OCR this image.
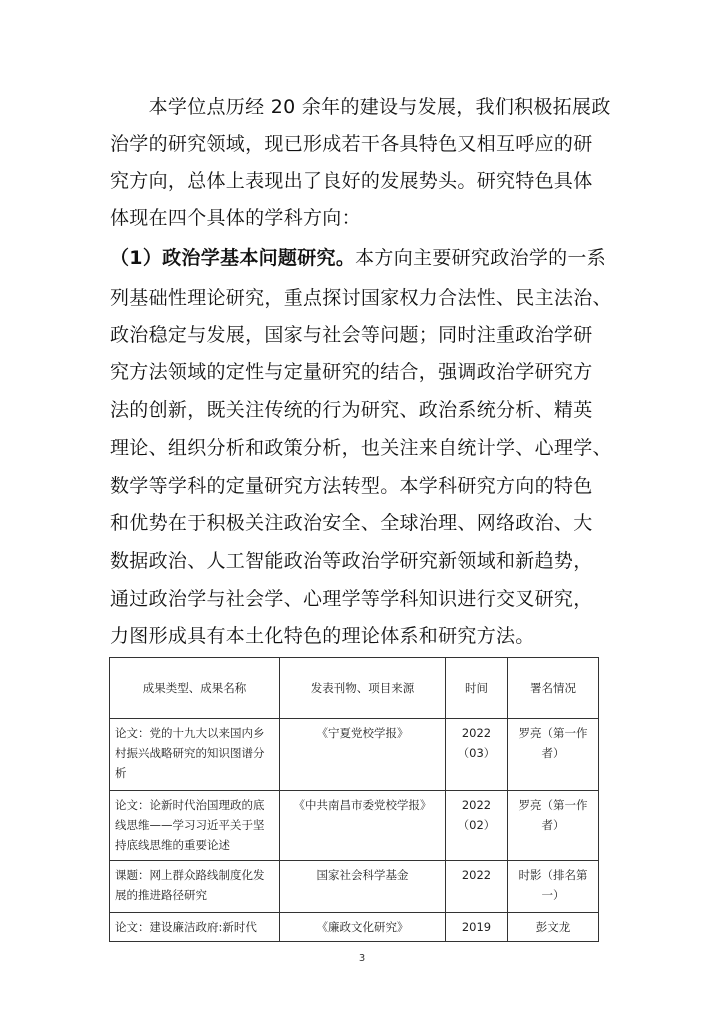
　　本学位点历经 20 余年的建设与发展，我们积极拓展政
治学的研究领域，现已形成若干各具特色又相互呼应的研
究方向，总体上表现出了良好的发展势头。研究特色具体
体现在四个具体的学科方向：
（1）政治学基本问题研究。本方向主要研究政治学的一系
列基础性理论研究，重点探讨国家权力合法性、民主法治、
政治稳定与发展，国家与社会等问题；同时注重政治学研
究方法领域的定性与定量研究的结合，强调政治学研究方
法的创新，既关注传统的行为研究、政治系统分析、精英
理论、组织分析和政策分析，也关注来自统计学、心理学、
数学等学科的定量研究方法转型。本学科研究方向的特色
和优势在于积极关注政治安全、全球治理、网络政治、大
数据政治、人工智能政治等政治学研究新领域和新趋势，
通过政治学与社会学、心理学等学科知识进行交叉研究，
力图形成具有本土化特色的理论体系和研究方法。
成果类型、成果名称	发表刊物、项目来源	时间	署名情况
论文：党的十九大以来国内乡村振兴战略研究的知识图谱分析	《宁夏党校学报》	2022（03）	罗亮（第一作者）
论文：论新时代治国理政的底线思维——学习习近平关于坚持底线思维的重要论述	《中共南昌市委党校学报》	2022（02）	罗亮（第一作者）
课题：网上群众路线制度化发展的推进路径研究	国家社会科学基金	2022	时影（排名第一）
论文：建设廉洁政府:新时代	《廉政文化研究》	2019	彭文龙
3
